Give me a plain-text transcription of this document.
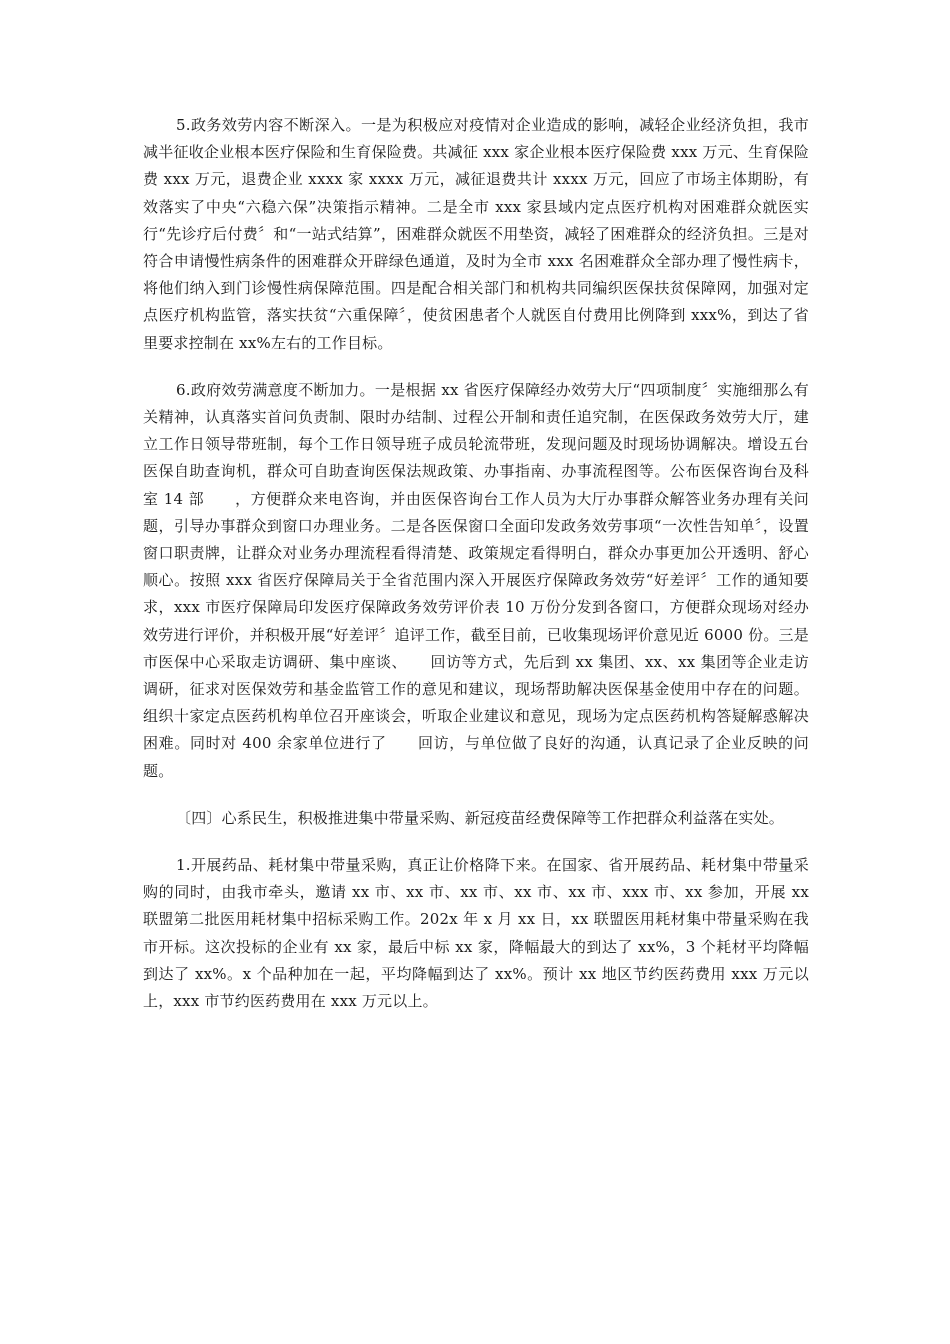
5.政务效劳内容不断深入。一是为积极应对疫情对企业造成的影响，减轻企业经济负担，我市减半征收企业根本医疗保险和生育保险费。共减征 xxx 家企业根本医疗保险费 xxx 万元、生育保险费 xxx 万元，退费企业 xxxx 家 xxxx 万元，减征退费共计 xxxx 万元，回应了市场主体期盼，有效落实了中央“六稳六保”决策指示精神。二是全市 xxx 家县域内定点医疗机构对困难群众就医实行“先诊疗后付费〞和“一站式结算”，困难群众就医不用垫资，减轻了困难群众的经济负担。三是对符合申请慢性病条件的困难群众开辟绿色通道，及时为全市 xxx 名困难群众全部办理了慢性病卡，将他们纳入到门诊慢性病保障范围。四是配合相关部门和机构共同编织医保扶贫保障网，加强对定点医疗机构监管，落实扶贫“六重保障〞，使贫困患者个人就医自付费用比例降到 xxx%，到达了省里要求控制在 xx%左右的工作目标。

6.政府效劳满意度不断加力。一是根据 xx 省医疗保障经办效劳大厅“四项制度〞实施细那么有关精神，认真落实首问负责制、限时办结制、过程公开制和责任追究制，在医保政务效劳大厅，建立工作日领导带班制，每个工作日领导班子成员轮流带班，发现问题及时现场协调解决。增设五台医保自助查询机，群众可自助查询医保法规政策、办事指南、办事流程图等。公布医保咨询台及科室 14 部　　，方便群众来电咨询，并由医保咨询台工作人员为大厅办事群众解答业务办理有关问题，引导办事群众到窗口办理业务。二是各医保窗口全面印发政务效劳事项“一次性告知单〞，设置窗口职责牌，让群众对业务办理流程看得清楚、政策规定看得明白，群众办事更加公开透明、舒心顺心。按照 xxx 省医疗保障局关于全省范围内深入开展医疗保障政务效劳“好差评〞工作的通知要求，xxx 市医疗保障局印发医疗保障政务效劳评价表 10 万份分发到各窗口，方便群众现场对经办效劳进行评价，并积极开展“好差评〞追评工作，截至目前，已收集现场评价意见近 6000 份。三是市医保中心采取走访调研、集中座谈、　　回访等方式，先后到 xx 集团、xx、xx 集团等企业走访调研，征求对医保效劳和基金监管工作的意见和建议，现场帮助解决医保基金使用中存在的问题。组织十家定点医药机构单位召开座谈会，听取企业建议和意见，现场为定点医药机构答疑解惑解决困难。同时对 400 余家单位进行了　　回访，与单位做了良好的沟通，认真记录了企业反映的问题。

〔四〕心系民生，积极推进集中带量采购、新冠疫苗经费保障等工作把群众利益落在实处。

1.开展药品、耗材集中带量采购，真正让价格降下来。在国家、省开展药品、耗材集中带量采购的同时，由我市牵头，邀请 xx 市、xx 市、xx 市、xx 市、xx 市、xxx 市、xx 参加，开展 xx 联盟第二批医用耗材集中招标采购工作。202x 年 x 月 xx 日，xx 联盟医用耗材集中带量采购在我市开标。这次投标的企业有 xx 家，最后中标 xx 家，降幅最大的到达了 xx%，3 个耗材平均降幅到达了 xx%。x 个品种加在一起，平均降幅到达了 xx%。预计 xx 地区节约医药费用 xxx 万元以上，xxx 市节约医药费用在 xxx 万元以上。
